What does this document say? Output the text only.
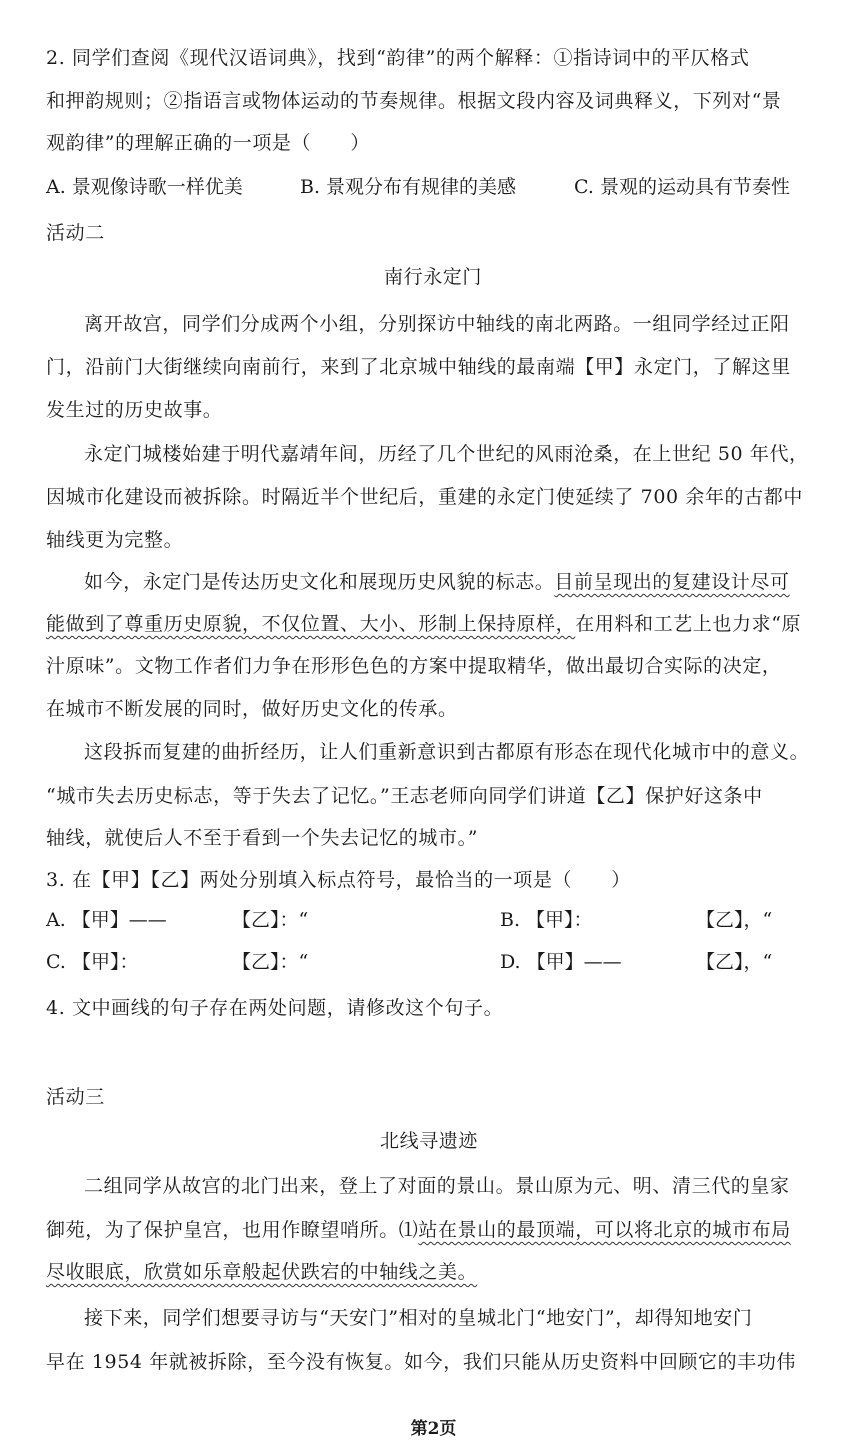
2. 同学们查阅《现代汉语词典》，找到“韵律”的两个解释：①指诗词中的平仄格式
和押韵规则；②指语言或物体运动的节奏规律。根据文段内容及词典释义，下列对“景
观韵律”的理解正确的一项是（　　）
A. 景观像诗歌一样优美	B. 景观分布有规律的美感	C. 景观的运动具有节奏性
活动二
南行永定门
离开故宫，同学们分成两个小组，分别探访中轴线的南北两路。一组同学经过正阳
门，沿前门大街继续向南前行，来到了北京城中轴线的最南端【甲】永定门，了解这里
发生过的历史故事。
永定门城楼始建于明代嘉靖年间，历经了几个世纪的风雨沧桑，在上世纪 50 年代，
因城市化建设而被拆除。时隔近半个世纪后，重建的永定门使延续了 700 余年的古都中
轴线更为完整。
如今，永定门是传达历史文化和展现历史风貌的标志。目前呈现出的复建设计尽可
能做到了尊重历史原貌，不仅位置、大小、形制上保持原样，在用料和工艺上也力求“原
汁原味”。文物工作者们力争在形形色色的方案中提取精华，做出最切合实际的决定，
在城市不断发展的同时，做好历史文化的传承。
这段拆而复建的曲折经历，让人们重新意识到古都原有形态在现代化城市中的意义。
“城市失去历史标志，等于失去了记忆。”王志老师向同学们讲道【乙】保护好这条中
轴线，就使后人不至于看到一个失去记忆的城市。”
3. 在【甲】【乙】两处分别填入标点符号，最恰当的一项是（　　）
A. 【甲】——	【乙】：“	B. 【甲】：	【乙】，“
C. 【甲】：	【乙】：“	D. 【甲】——	【乙】，“
4. 文中画线的句子存在两处问题，请修改这个句子。
活动三
北线寻遗迹
二组同学从故宫的北门出来，登上了对面的景山。景山原为元、明、清三代的皇家
御苑，为了保护皇宫，也用作瞭望哨所。⑴站在景山的最顶端，可以将北京的城市布局
尽收眼底，欣赏如乐章般起伏跌宕的中轴线之美。
接下来，同学们想要寻访与“天安门”相对的皇城北门“地安门”，却得知地安门
早在 1954 年就被拆除，至今没有恢复。如今，我们只能从历史资料中回顾它的丰功伟
第2页
